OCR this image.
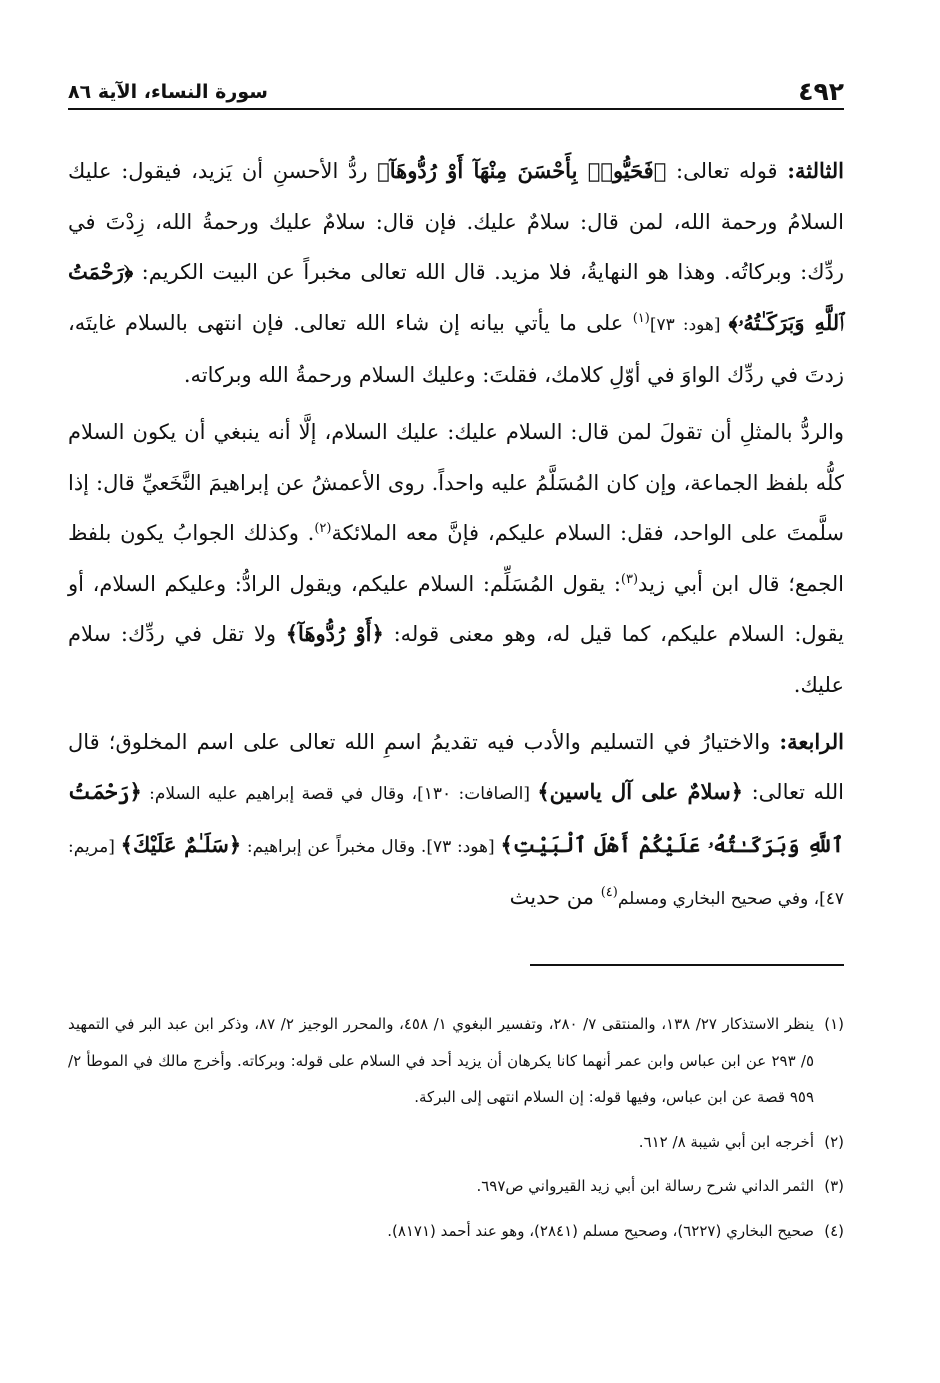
٤٩٢
سورة النساء، الآية ٨٦

الثالثة: قوله تعالى: ﴿فَحَيُّوا۟ بِأَحْسَنَ مِنْهَآ أَوْ رُدُّوهَآ﴾ ردُّ الأحسنِ أن يَزيد، فيقول: عليك السلامُ ورحمة الله، لمن قال: سلامٌ عليك. فإن قال: سلامٌ عليك ورحمةُ الله، زِدْتَ في ردِّك: وبركاتُه. وهذا هو النهايةُ، فلا مزيد. قال الله تعالى مخبراً عن البيت الكريم: ﴿رَحْمَتُ ٱللَّهِ وَبَرَكَـٰتُهُۥ﴾ [هود: ٧٣]$^{(١)}$ على ما يأتي بيانه إن شاء الله تعالى. فإن انتهى بالسلام غايتَه، زدتَ في ردِّك الواوَ في أوّلِ كلامك، فقلتَ: وعليك السلام ورحمةُ الله وبركاته.

والردُّ بالمثلِ أن تقولَ لمن قال: السلام عليك: عليك السلام، إلَّا أنه ينبغي أن يكون السلام كلُّه بلفظ الجماعة، وإن كان المُسَلَّمُ عليه واحداً. روى الأعمشُ عن إبراهيمَ النَّخَعيِّ قال: إذا سلَّمتَ على الواحد، فقل: السلام عليكم، فإنَّ معه الملائكة$^{(٢)}$. وكذلك الجوابُ يكون بلفظ الجمع؛ قال ابن أبي زيد$^{(٣)}$: يقول المُسَلِّم: السلام عليكم، ويقول الرادُّ: وعليكم السلام، أو يقول: السلام عليكم، كما قيل له، وهو معنى قوله: ﴿أَوْ رُدُّوهَآ﴾ ولا تقل في ردِّك: سلام عليك.

الرابعة: والاختيارُ في التسليم والأدب فيه تقديمُ اسمِ الله تعالى على اسم المخلوق؛ قال الله تعالى: ﴿سلامٌ على آل ياسين﴾ [الصافات: ١٣٠]، وقال في قصة إبراهيم عليه السلام: ﴿رَحْمَتُ ٱللَّهِ وَبَرَكَـٰتُهُۥ عَلَيْكُمْ أَهْلَ ٱلْبَيْتِ﴾ [هود: ٧٣]. وقال مخبراً عن إبراهيم: ﴿سَلَـٰمٌ عَلَيْكَ﴾ [مريم: ٤٧]، وفي صحيح البخاري ومسلم$^{(٤)}$ من حديث

(١)
ينظر الاستذكار ٢٧/ ١٣٨، والمنتقى ٧/ ٢٨٠، وتفسير البغوي ١/ ٤٥٨، والمحرر الوجيز ٢/ ٨٧، وذكر ابن عبد البر في التمهيد ٥/ ٢٩٣ عن ابن عباس وابن عمر أنهما كانا يكرهان أن يزيد أحد في السلام على قوله: وبركاته. وأخرج مالك في الموطأ ٢/ ٩٥٩ قصة عن ابن عباس، وفيها قوله: إن السلام انتهى إلى البركة.
(٢)
أخرجه ابن أبي شيبة ٨/ ٦١٢.
(٣)
الثمر الداني شرح رسالة ابن أبي زيد القيرواني ص٦٩٧.
(٤)
صحيح البخاري (٦٢٢٧)، وصحيح مسلم (٢٨٤١)، وهو عند أحمد (٨١٧١).
